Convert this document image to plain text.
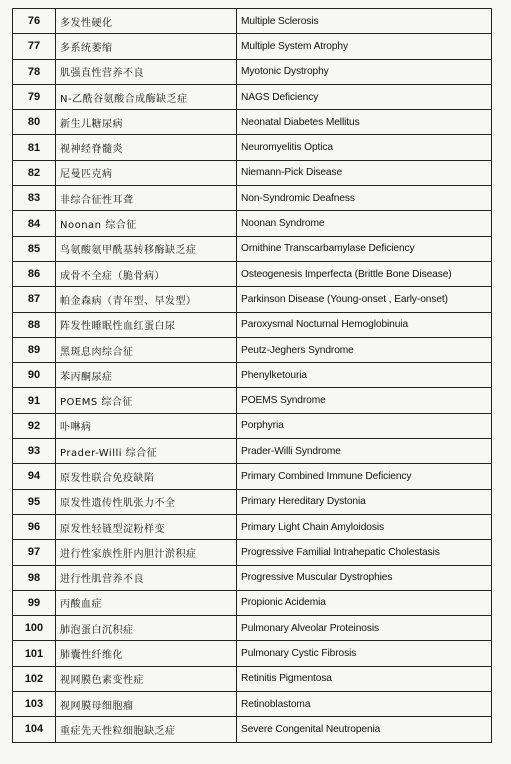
76	多发性硬化	Multiple Sclerosis
77	多系统萎缩	Multiple System Atrophy
78	肌强直性营养不良	Myotonic Dystrophy
79	N-乙酰谷氨酸合成酶缺乏症	NAGS Deficiency
80	新生儿糖尿病	Neonatal Diabetes Mellitus
81	视神经脊髓炎	Neuromyelitis Optica
82	尼曼匹克病	Niemann-Pick Disease
83	非综合征性耳聋	Non-Syndromic Deafness
84	Noonan 综合征	Noonan Syndrome
85	鸟氨酸氨甲酰基转移酶缺乏症	Ornithine Transcarbamylase Deficiency
86	成骨不全症（脆骨病）	Osteogenesis Imperfecta (Brittle Bone Disease)
87	帕金森病（青年型、早发型）	Parkinson Disease (Young-onset , Early-onset)
88	阵发性睡眠性血红蛋白尿	Paroxysmal Nocturnal Hemoglobinuia
89	黑斑息肉综合征	Peutz-Jeghers Syndrome
90	苯丙酮尿症	Phenylketouria
91	POEMS 综合征	POEMS Syndrome
92	卟啉病	Porphyria
93	Prader-Willi 综合征	Prader-Willi Syndrome
94	原发性联合免疫缺陷	Primary Combined Immune Deficiency
95	原发性遗传性肌张力不全	Primary Hereditary Dystonia
96	原发性轻链型淀粉样变	Primary Light Chain Amyloidosis
97	进行性家族性肝内胆汁淤积症	Progressive Familial Intrahepatic Cholestasis
98	进行性肌营养不良	Progressive Muscular Dystrophies
99	丙酸血症	Propionic Acidemia
100	肺泡蛋白沉积症	Pulmonary Alveolar Proteinosis
101	肺囊性纤维化	Pulmonary Cystic Fibrosis
102	视网膜色素变性症	Retinitis Pigmentosa
103	视网膜母细胞瘤	Retinoblastoma
104	重症先天性粒细胞缺乏症	Severe Congenital Neutropenia
